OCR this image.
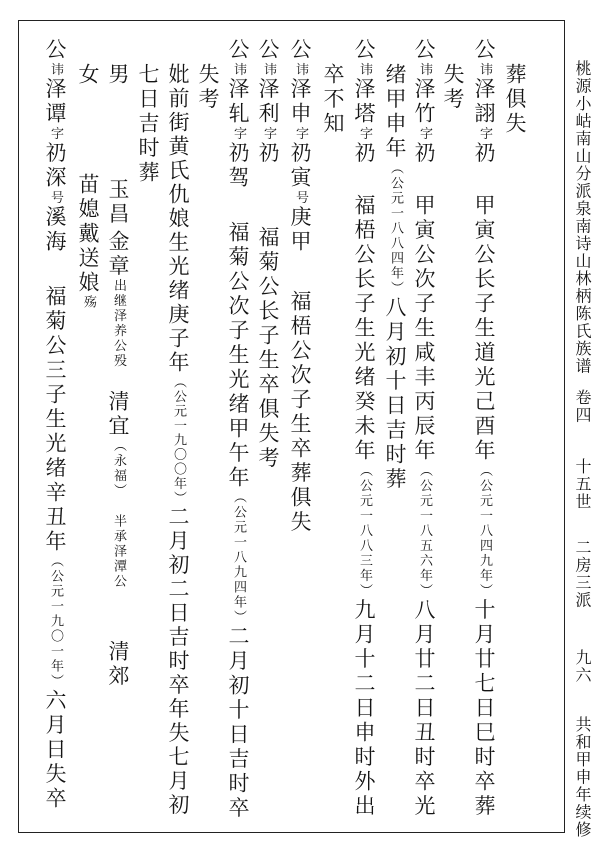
桃源小岵南山分派泉南诗山林柄陈氏族谱 卷四 十五世 二房三派 九六 共和甲申年续修
葬俱失
公 讳 泽詡 字 礽 甲寅公长子生道光己酉年 （公元一八四九年） 十月廿七日巳时卒葬
失考
公 讳 泽竹 字 礽 甲寅公次子生咸丰丙辰年 （公元一八五六年） 八月廿二日丑时卒光
绪甲申年 （公元一八八四年） 八月初十日吉时葬
公 讳 泽塔 字 礽 福梧公长子生光绪癸未年 （公元一八八三年） 九月十二日申时外出
卒不知
公 讳 泽申 字 礽寅 号 庚甲 福梧公次子生卒葬俱失
公 讳 泽利 字 礽 福菊公长子生卒俱失考
公 讳 泽轧 字 礽驾 福菊公次子生光绪甲午年 （公元一八九四年） 二月初十日吉时卒
失考
妣前街黄氏仇娘生光绪庚子年 （公元一九〇〇年） 二月初二日吉时卒年失七月初
七日吉时葬
男 玉昌 金章 出继泽养公殁 清宜 （永福） 半承泽潭公 清郊
女 苗媳戴送娘 殇
公 讳 泽谭 字 礽深 号 溪海 福菊公三子生光绪辛丑年 （公元一九〇一年） 六月日失卒
